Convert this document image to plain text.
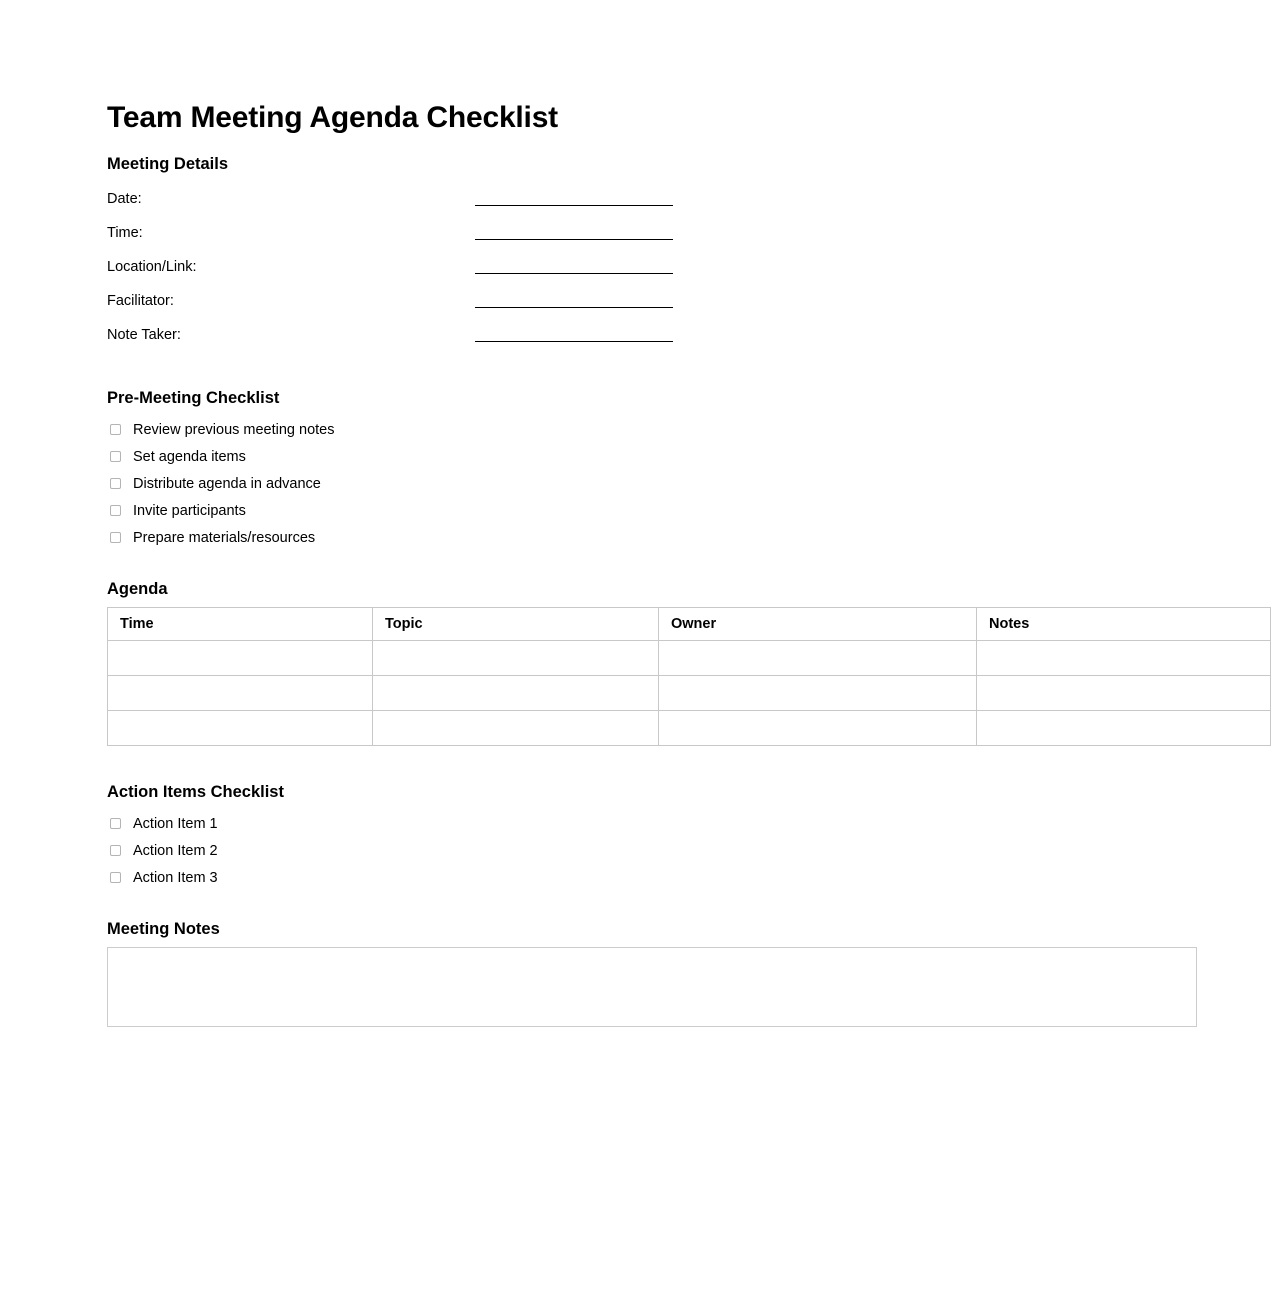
Team Meeting Agenda Checklist
Meeting Details
Date:
Time:
Location/Link:
Facilitator:
Note Taker:
Pre-Meeting Checklist
Review previous meeting notes
Set agenda items
Distribute agenda in advance
Invite participants
Prepare materials/resources
Agenda
Time	Topic	Owner	Notes

Action Items Checklist
Action Item 1
Action Item 2
Action Item 3
Meeting Notes
